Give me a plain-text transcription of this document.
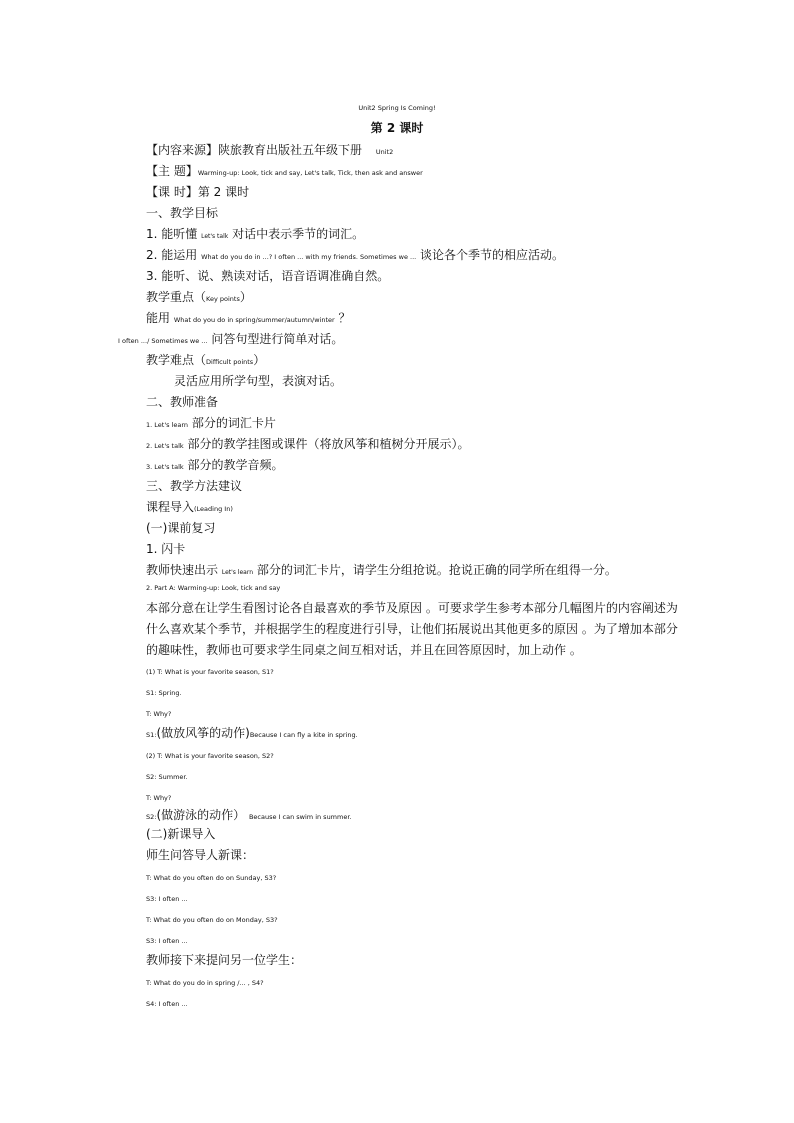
Unit2 Spring Is Coming!
第 2 课时
【内容来源】陕旅教育出版社五年级下册 Unit2
【主 题】Warming-up: Look, tick and say, Let's talk, Tick, then ask and answer
【课 时】第 2 课时
一、教学目标
1. 能听懂 Let's talk 对话中表示季节的词汇。
2. 能运用 What do you do in ...? I often ... with my friends. Sometimes we ... 谈论各个季节的相应活动。
3. 能听、说、熟读对话，语音语调准确自然。
教学重点（Key points）
能用 What do you do in spring/summer/autumn/winter ？
I often .../ Sometimes we ... 问答句型进行简单对话。
教学难点（Difficult points）
灵活应用所学句型，表演对话。
二、教师准备
1. Let's learn 部分的词汇卡片
2. Let's talk 部分的教学挂图或课件（将放风筝和植树分开展示）。
3. Let's talk 部分的教学音频。
三、教学方法建议
课程导入(Leading In)
(一)课前复习
1. 闪卡
教师快速出示 Let's learn 部分的词汇卡片，请学生分组抢说。抢说正确的同学所在组得一分。
2. Part A: Warming-up: Look, tick and say
本部分意在让学生看图讨论各自最喜欢的季节及原因 。可要求学生参考本部分几幅图片的内容阐述为什么喜欢某个季节，并根据学生的程度进行引导，让他们拓展说出其他更多的原因 。为了增加本部分的趣味性，教师也可要求学生同桌之间互相对话，并且在回答原因时，加上动作 。
(1) T: What is your favorite season, S1?
S1: Spring.
T: Why?
S1:(做放风筝的动作)Because I can fly a kite in spring.
(2) T: What is your favorite season, S2?
S2: Summer.
T: Why?
S2:(做游泳的动作） Because I can swim in summer.
(二)新课导入
师生问答导人新课：
T: What do you often do on Sunday, S3?
S3: I often ...
T: What do you often do on Monday, S3?
S3: I often ...
教师接下来提问另一位学生：
T: What do you do in spring /... , S4?
S4: I often ...
